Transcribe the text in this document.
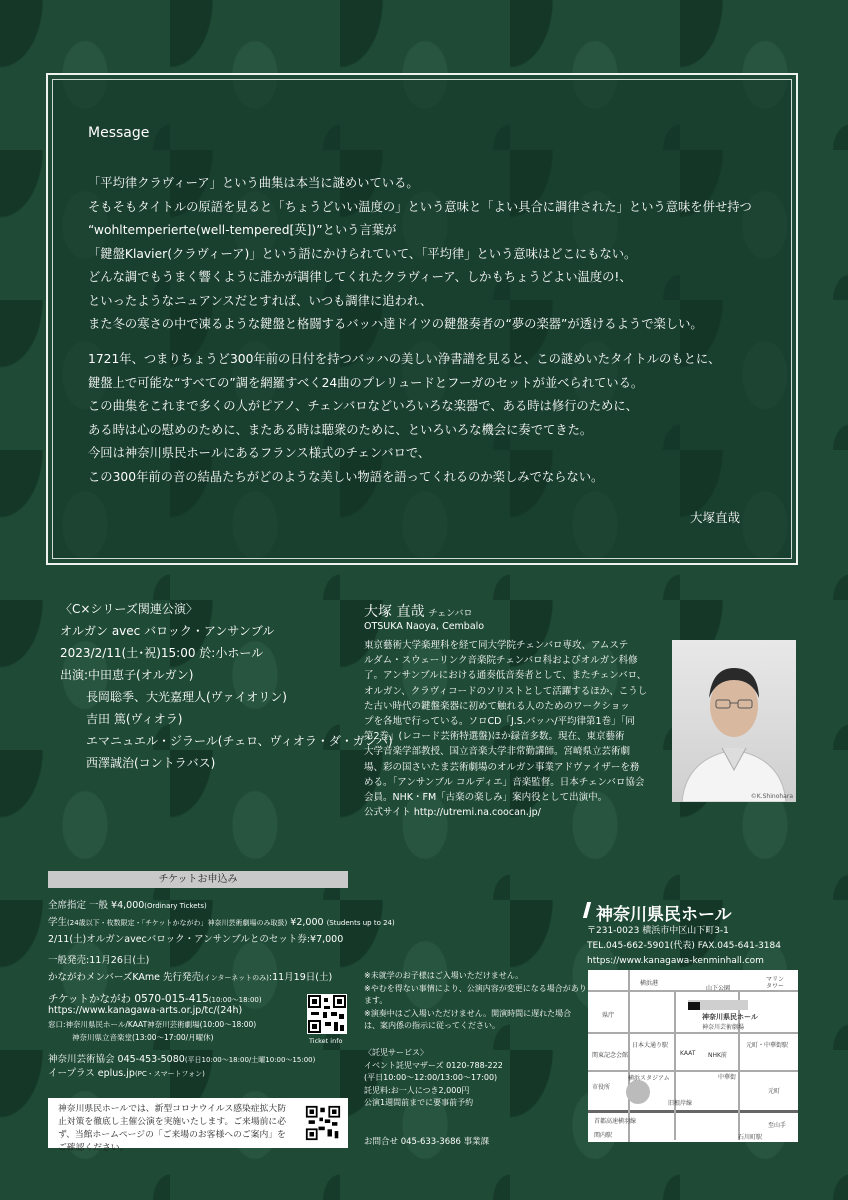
Message
「平均律クラヴィーア」という曲集は本当に謎めいている。
そもそもタイトルの原語を見ると「ちょうどいい温度の」という意味と「よい具合に調律された」という意味を併せ持つ
“wohltemperierte(well-tempered[英])”という言葉が
「鍵盤Klavier(クラヴィーア)」という語にかけられていて、「平均律」という意味はどこにもない。
どんな調でもうまく響くように誰かが調律してくれたクラヴィーア、しかもちょうどよい温度の!、
といったようなニュアンスだとすれば、いつも調律に追われ、
また冬の寒さの中で凍るような鍵盤と格闘するバッハ達ドイツの鍵盤奏者の“夢の楽器”が透けるようで楽しい。
1721年、つまりちょうど300年前の日付を持つバッハの美しい浄書譜を見ると、この謎めいたタイトルのもとに、
鍵盤上で可能な“すべての”調を網羅すべく24曲のプレリュードとフーガのセットが並べられている。
この曲集をこれまで多くの人がピアノ、チェンバロなどいろいろな楽器で、ある時は修行のために、
ある時は心の慰めのために、またある時は聴衆のために、といろいろな機会に奏でてきた。
今回は神奈川県民ホールにあるフランス様式のチェンバロで、
この300年前の音の結晶たちがどのような美しい物語を語ってくれるのか楽しみでならない。
大塚直哉
〈C×シリーズ関連公演〉
オルガン avec バロック・アンサンブル
2023/2/11(土･祝)15:00 於:小ホール
出演:中田恵子(オルガン)
長岡聡季、大光嘉理人(ヴァイオリン)
吉田 篤(ヴィオラ)
エマニュエル・ジラール(チェロ、ヴィオラ・ダ・ガンバ)
西澤誠治(コントラバス)
大塚 直哉 チェンバロ
OTSUKA Naoya, Cembalo
東京藝術大学楽理科を経て同大学院チェンバロ専攻、アムステ
ルダム・スウェーリンク音楽院チェンバロ科およびオルガン科修
了。アンサンブルにおける通奏低音奏者として、またチェンバロ、
オルガン、クラヴィコードのソリストとして活躍するほか、こうし
た古い時代の鍵盤楽器に初めて触れる人のためのワークショッ
プを各地で行っている。ソロCD「J.S.バッハ/平均律第1巻」「同
第2巻」(レコード芸術特選盤)ほか録音多数。現在、東京藝術
大学音楽学部教授、国立音楽大学非常勤講師。宮崎県立芸術劇
場、彩の国さいたま芸術劇場のオルガン事業アドヴァイザーを務
める。「アンサンブル コルディエ」音楽監督。日本チェンバロ協会
会員。NHK・FM「古楽の楽しみ」案内役として出演中。
公式サイト http://utremi.na.coocan.jp/
©K.Shinohara
チケットお申込み
全席指定 一般 ¥4,000(Ordinary Tickets)
学生(24歳以下・枚数限定・「チケットかながわ」神奈川芸術劇場のみ取扱) ¥2,000 (Students up to 24)
2/11(土)オルガンavecバロック・アンサンブルとのセット券:¥7,000
一般発売:11月26日(土)
かながわメンバーズKAme 先行発売(インターネットのみ):11月19日(土)
チケットかながわ 0570-015-415(10:00〜18:00)
https://www.kanagawa-arts.or.jp/tc/(24h)
窓口:神奈川県民ホール/KAAT神奈川芸術劇場(10:00〜18:00)
神奈川県立音楽堂(13:00〜17:00/月曜休)
神奈川芸術協会 045-453-5080(平日10:00〜18:00/土曜10:00〜15:00)
イープラス eplus.jp(PC・スマートフォン)
Ticket info
※未就学のお子様はご入場いただけません。
※やむを得ない事情により、公演内容が変更になる場合があり
ます。
※演奏中はご入場いただけません。開演時間に遅れた場合
は、案内係の指示に従ってください。
〈託児サービス〉
イベント託児マザーズ 0120-788-222
(平日10:00〜12:00/13:00〜17:00)
託児料:お一人につき2,000円
公演1週間前までに要事前予約
お問合せ 045-633-3686 事業課
神奈川県民ホールでは、新型コロナウイルス感染症拡大防止対策を徹底し主催公演を実施いたします。ご来場前に必ず、当館ホームページの「ご来場のお客様へのご案内」をご確認ください。
神奈川県民ホール
〒231-0023 横浜市中区山下町3-1
TEL.045-662-5901(代表) FAX.045-641-3184
https://www.kanagawa-kenminhall.com
横浜港
山下公園
マリン
タワー
神奈川県民ホール
神奈川芸術劇場
県庁
関内駅
横浜スタジアム	中華街
元町
石川町駅
首都高速横羽線
旧根岸線
日本大通り駅	元町・中華街駅
市役所
至山手
関東記念会館	KAAT NHK前
